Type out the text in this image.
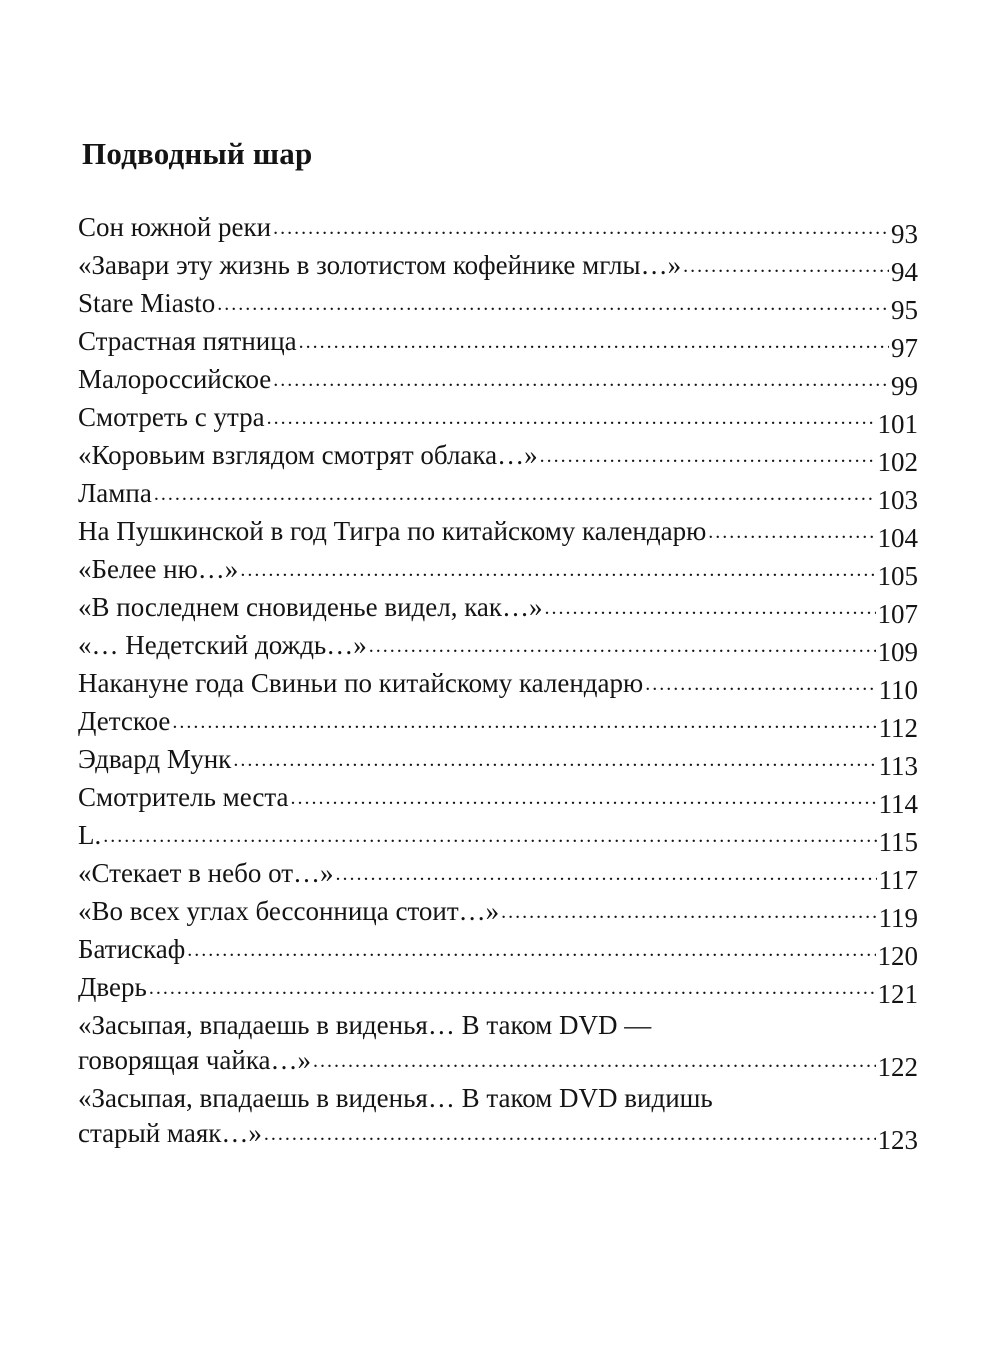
Подводный шар
Сон южной реки .....	93
«Завари эту жизнь в золотистом кофейнике мглы…» .....	94
Stare Miasto .....	95
Страстная пятница .....	97
Малороссийское .....	99
Смотреть с утра .....	101
«Коровьим взглядом смотрят облака…» .....	102
Лампа .....	103
На Пушкинской в год Тигра по китайскому календарю .....	104
«Белее ню…» .....	105
«В последнем сновиденье видел, как…» .....	107
«… Недетский дождь…» .....	109
Накануне года Свиньи по китайскому календарю .....	110
Детское .....	112
Эдвард Мунк .....	113
Смотритель места .....	114
L. .....	115
«Стекает в небо от…» .....	117
«Во всех углах бессонница стоит…» .....	119
Батискаф .....	120
Дверь .....	121
«Засыпая, впадаешь в виденья… В таком DVD —
говорящая чайка…» .....	122
«Засыпая, впадаешь в виденья… В таком DVD видишь
старый маяк…» .....	123
